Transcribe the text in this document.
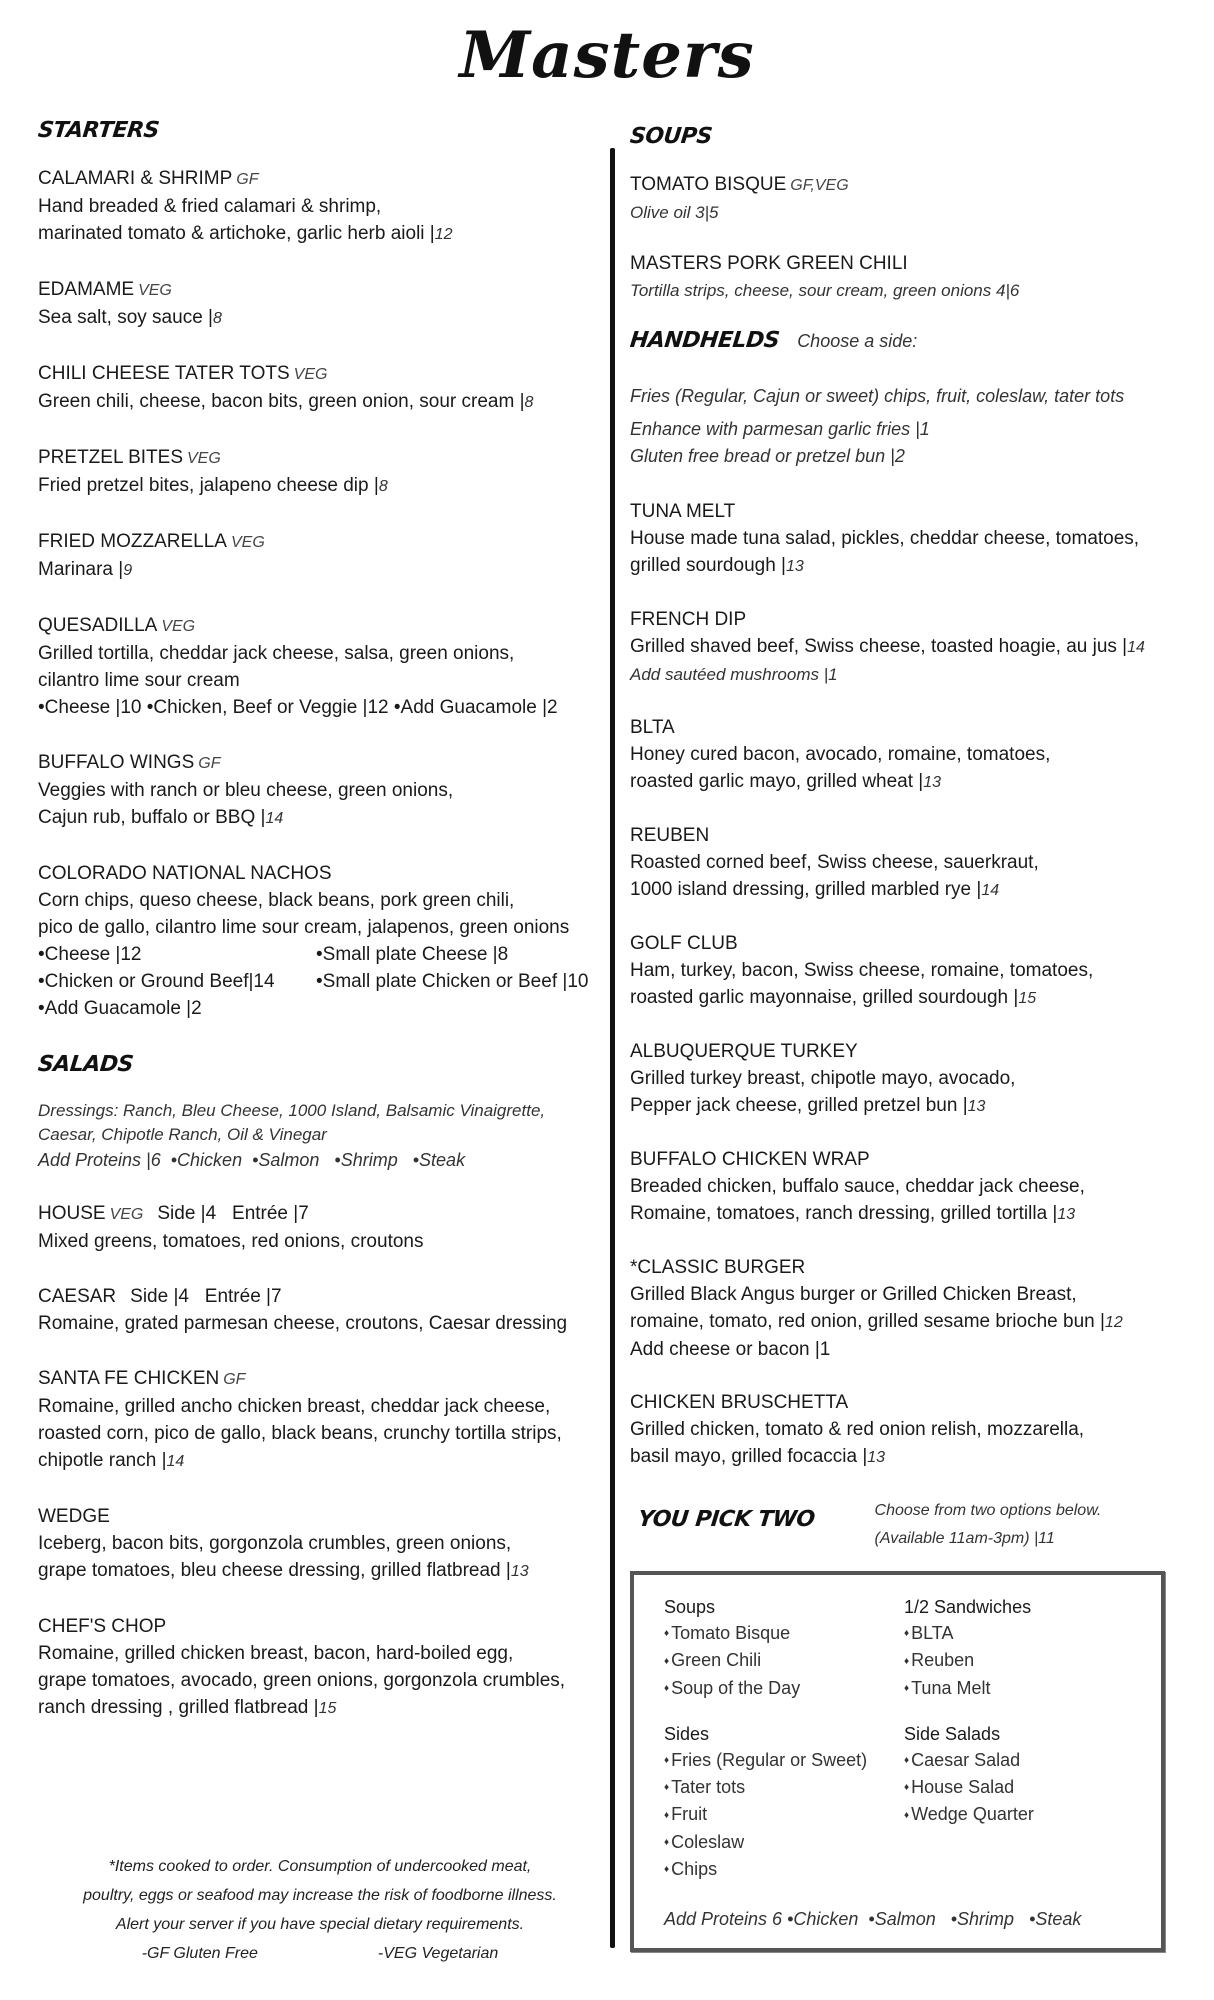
Masters
STARTERS
CALAMARI & SHRIMP GF
Hand breaded & fried calamari & shrimp,
marinated tomato & artichoke, garlic herb aioli |12
EDAMAME VEG
Sea salt, soy sauce |8
CHILI CHEESE TATER TOTS VEG
Green chili, cheese, bacon bits, green onion, sour cream |8
PRETZEL BITES VEG
Fried pretzel bites, jalapeno cheese dip |8
FRIED MOZZARELLA VEG
Marinara |9
QUESADILLA VEG
Grilled tortilla, cheddar jack cheese, salsa, green onions,
cilantro lime sour cream
•Cheese |10 •Chicken, Beef or Veggie |12 •Add Guacamole |2
BUFFALO WINGS GF
Veggies with ranch or bleu cheese, green onions,
Cajun rub, buffalo or BBQ |14
COLORADO NATIONAL NACHOS
Corn chips, queso cheese, black beans, pork green chili,
pico de gallo, cilantro lime sour cream, jalapenos, green onions
•Cheese |12	•Small plate Cheese |8
•Chicken or Ground Beef|14	•Small plate Chicken or Beef |10
•Add Guacamole |2
SALADS
Dressings: Ranch, Bleu Cheese, 1000 Island, Balsamic Vinaigrette,
Caesar, Chipotle Ranch, Oil & Vinegar
Add Proteins |6  •Chicken  •Salmon   •Shrimp   •Steak
HOUSE VEG Side |4   Entrée |7
Mixed greens, tomatoes, red onions, croutons
CAESAR Side |4   Entrée |7
Romaine, grated parmesan cheese, croutons, Caesar dressing
SANTA FE CHICKEN GF
Romaine, grilled ancho chicken breast, cheddar jack cheese,
roasted corn, pico de gallo, black beans, crunchy tortilla strips,
chipotle ranch |14
WEDGE
Iceberg, bacon bits, gorgonzola crumbles, green onions,
grape tomatoes, bleu cheese dressing, grilled flatbread |13
CHEF'S CHOP
Romaine, grilled chicken breast, bacon, hard-boiled egg,
grape tomatoes, avocado, green onions, gorgonzola crumbles,
ranch dressing , grilled flatbread |15
SOUPS
TOMATO BISQUE GF,VEG
Olive oil 3|5
MASTERS PORK GREEN CHILI
Tortilla strips, cheese, sour cream, green onions 4|6
HANDHELDS Choose a side:
Fries (Regular, Cajun or sweet) chips, fruit, coleslaw, tater tots
Enhance with parmesan garlic fries |1
Gluten free bread or pretzel bun |2
TUNA MELT
House made tuna salad, pickles, cheddar cheese, tomatoes,
grilled sourdough |13
FRENCH DIP
Grilled shaved beef, Swiss cheese, toasted hoagie, au jus |14
Add sautéed mushrooms |1
BLTA
Honey cured bacon, avocado, romaine, tomatoes,
roasted garlic mayo, grilled wheat |13
REUBEN
Roasted corned beef, Swiss cheese, sauerkraut,
1000 island dressing, grilled marbled rye |14
GOLF CLUB
Ham, turkey, bacon, Swiss cheese, romaine, tomatoes,
roasted garlic mayonnaise, grilled sourdough |15
ALBUQUERQUE TURKEY
Grilled turkey breast, chipotle mayo, avocado,
Pepper jack cheese, grilled pretzel bun |13
BUFFALO CHICKEN WRAP
Breaded chicken, buffalo sauce, cheddar jack cheese,
Romaine, tomatoes, ranch dressing, grilled tortilla |13
*CLASSIC BURGER
Grilled Black Angus burger or Grilled Chicken Breast,
romaine, tomato, red onion, grilled sesame brioche bun |12
Add cheese or bacon |1
CHICKEN BRUSCHETTA
Grilled chicken, tomato & red onion relish, mozzarella,
basil mayo, grilled focaccia |13
YOU PICK TWO	Choose from two options below.
(Available 11am-3pm) |11
Soups
♦ Tomato Bisque
♦ Green Chili
♦ Soup of the Day
1/2 Sandwiches
♦ BLTA
♦ Reuben
♦ Tuna Melt
Sides
♦ Fries (Regular or Sweet)
♦ Tater tots
♦ Fruit
♦ Coleslaw
♦ Chips
Side Salads
♦ Caesar Salad
♦ House Salad
♦ Wedge Quarter
Add Proteins 6 •Chicken  •Salmon   •Shrimp   •Steak
*Items cooked to order. Consumption of undercooked meat,
poultry, eggs or seafood may increase the risk of foodborne illness.
Alert your server if you have special dietary requirements.
-GF Gluten Free	-VEG Vegetarian
